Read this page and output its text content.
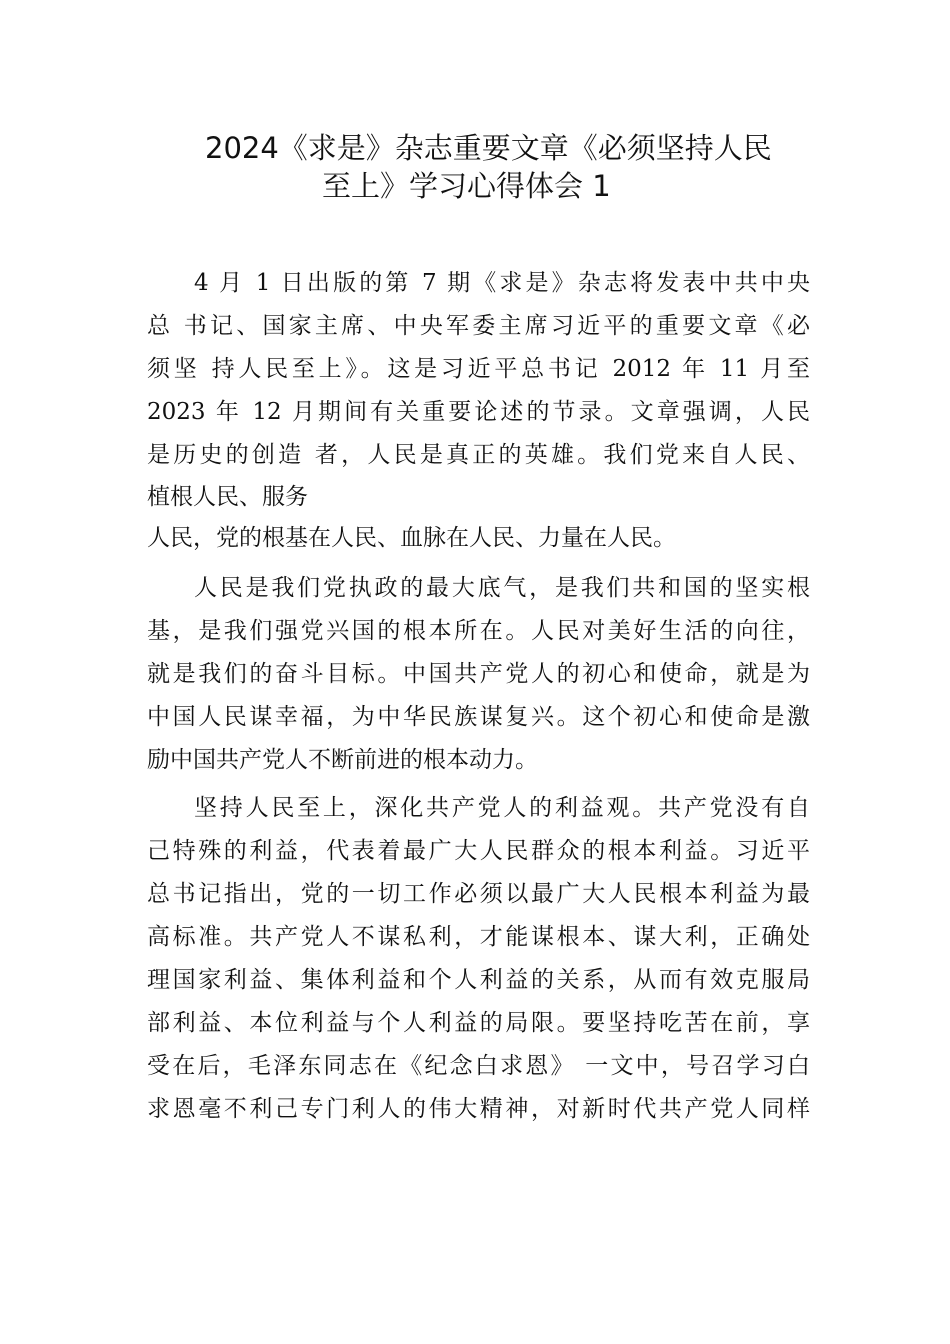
2024《求是》杂志重要文章《必须坚持人民
至上》学习心得体会 1
4 月 1 日出版的第 7 期《求是》杂志将发表中共中央
总 书记、国家主席、中央军委主席习近平的重要文章《必
须坚 持人民至上》。这是习近平总书记 2012 年 11 月至
2023 年 12 月期间有关重要论述的节录。文章强调，人民
是历史的创造 者，人民是真正的英雄。我们党来自人民、
植根人民、服务
人民，党的根基在人民、血脉在人民、力量在人民。
人民是我们党执政的最大底气，是我们共和国的坚实根
基，是我们强党兴国的根本所在。人民对美好生活的向往，
就是我们的奋斗目标。中国共产党人的初心和使命，就是为
中国人民谋幸福，为中华民族谋复兴。这个初心和使命是激
励中国共产党人不断前进的根本动力。
坚持人民至上，深化共产党人的利益观。共产党没有自
己特殊的利益，代表着最广大人民群众的根本利益。习近平
总书记指出，党的一切工作必须以最广大人民根本利益为最
高标准。共产党人不谋私利，才能谋根本、谋大利，正确处
理国家利益、集体利益和个人利益的关系，从而有效克服局
部利益、本位利益与个人利益的局限。要坚持吃苦在前，享
受在后，毛泽东同志在《纪念白求恩》 一文中，号召学习白
求恩毫不利己专门利人的伟大精神，对新时代共产党人同样
